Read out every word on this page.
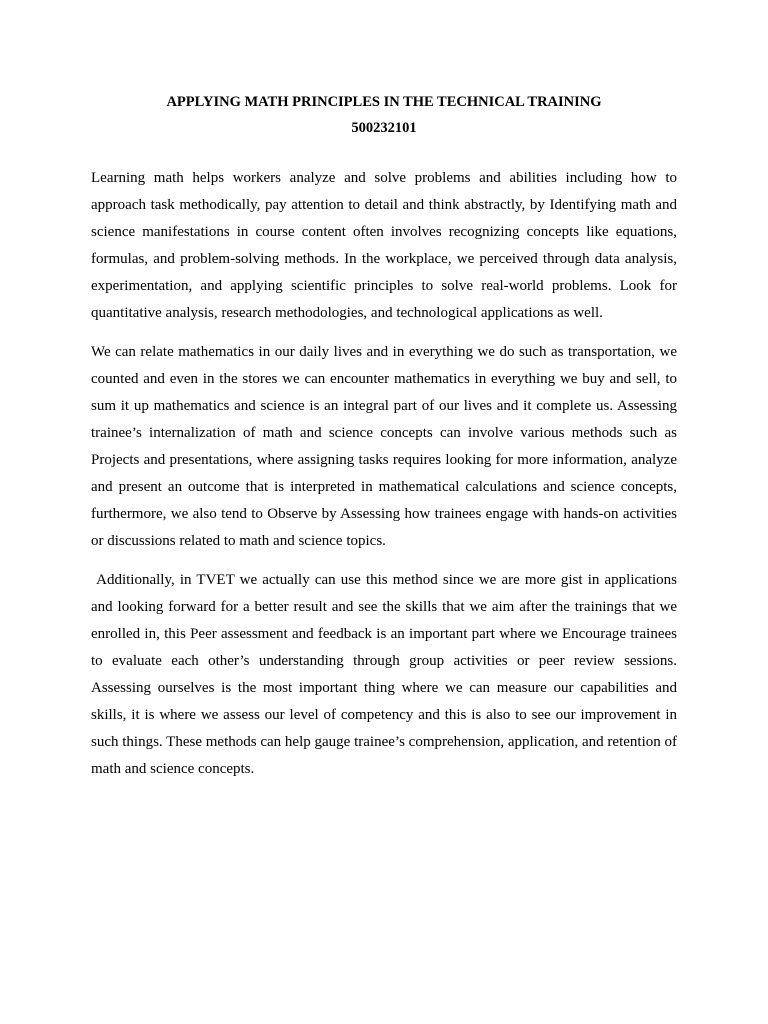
APPLYING MATH PRINCIPLES IN THE TECHNICAL TRAINING

500232101

Learning math helps workers analyze and solve problems and abilities including how to approach task methodically, pay attention to detail and think abstractly, by Identifying math and science manifestations in course content often involves recognizing concepts like equations, formulas, and problem-solving methods. In the workplace, we perceived through data analysis, experimentation, and applying scientific principles to solve real-world problems. Look for quantitative analysis, research methodologies, and technological applications as well.

We can relate mathematics in our daily lives and in everything we do such as transportation, we counted and even in the stores we can encounter mathematics in everything we buy and sell, to sum it up mathematics and science is an integral part of our lives and it complete us. Assessing trainee’s internalization of math and science concepts can involve various methods such as Projects and presentations, where assigning tasks requires looking for more information, analyze and present an outcome that is interpreted in mathematical calculations and science concepts, furthermore, we also tend to Observe by Assessing how trainees engage with hands-on activities or discussions related to math and science topics.

Additionally, in TVET we actually can use this method since we are more gist in applications and looking forward for a better result and see the skills that we aim after the trainings that we enrolled in, this Peer assessment and feedback is an important part where we Encourage trainees to evaluate each other’s understanding through group activities or peer review sessions. Assessing ourselves is the most important thing where we can measure our capabilities and skills, it is where we assess our level of competency and this is also to see our improvement in such things. These methods can help gauge trainee’s comprehension, application, and retention of math and science concepts.
